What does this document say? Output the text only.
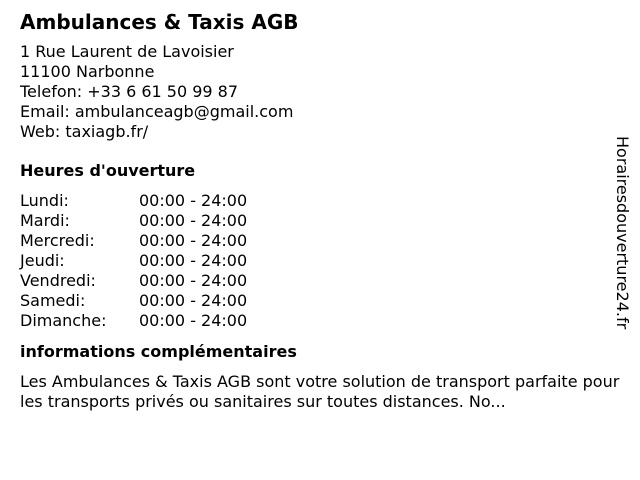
Ambulances & Taxis AGB
1 Rue Laurent de Lavoisier
11100 Narbonne
Telefon: +33 6 61 50 99 87
Email: ambulanceagb@gmail.com
Web: taxiagb.fr/
Heures d'ouverture
Lundi:	00:00 - 24:00
Mardi:	00:00 - 24:00
Mercredi:	00:00 - 24:00
Jeudi:	00:00 - 24:00
Vendredi:	00:00 - 24:00
Samedi:	00:00 - 24:00
Dimanche: 00:00 - 24:00
informations complémentaires
Les Ambulances & Taxis AGB sont votre solution de transport parfaite pour les transports privés ou sanitaires sur toutes distances. No...
Horairesdouverture24.fr
